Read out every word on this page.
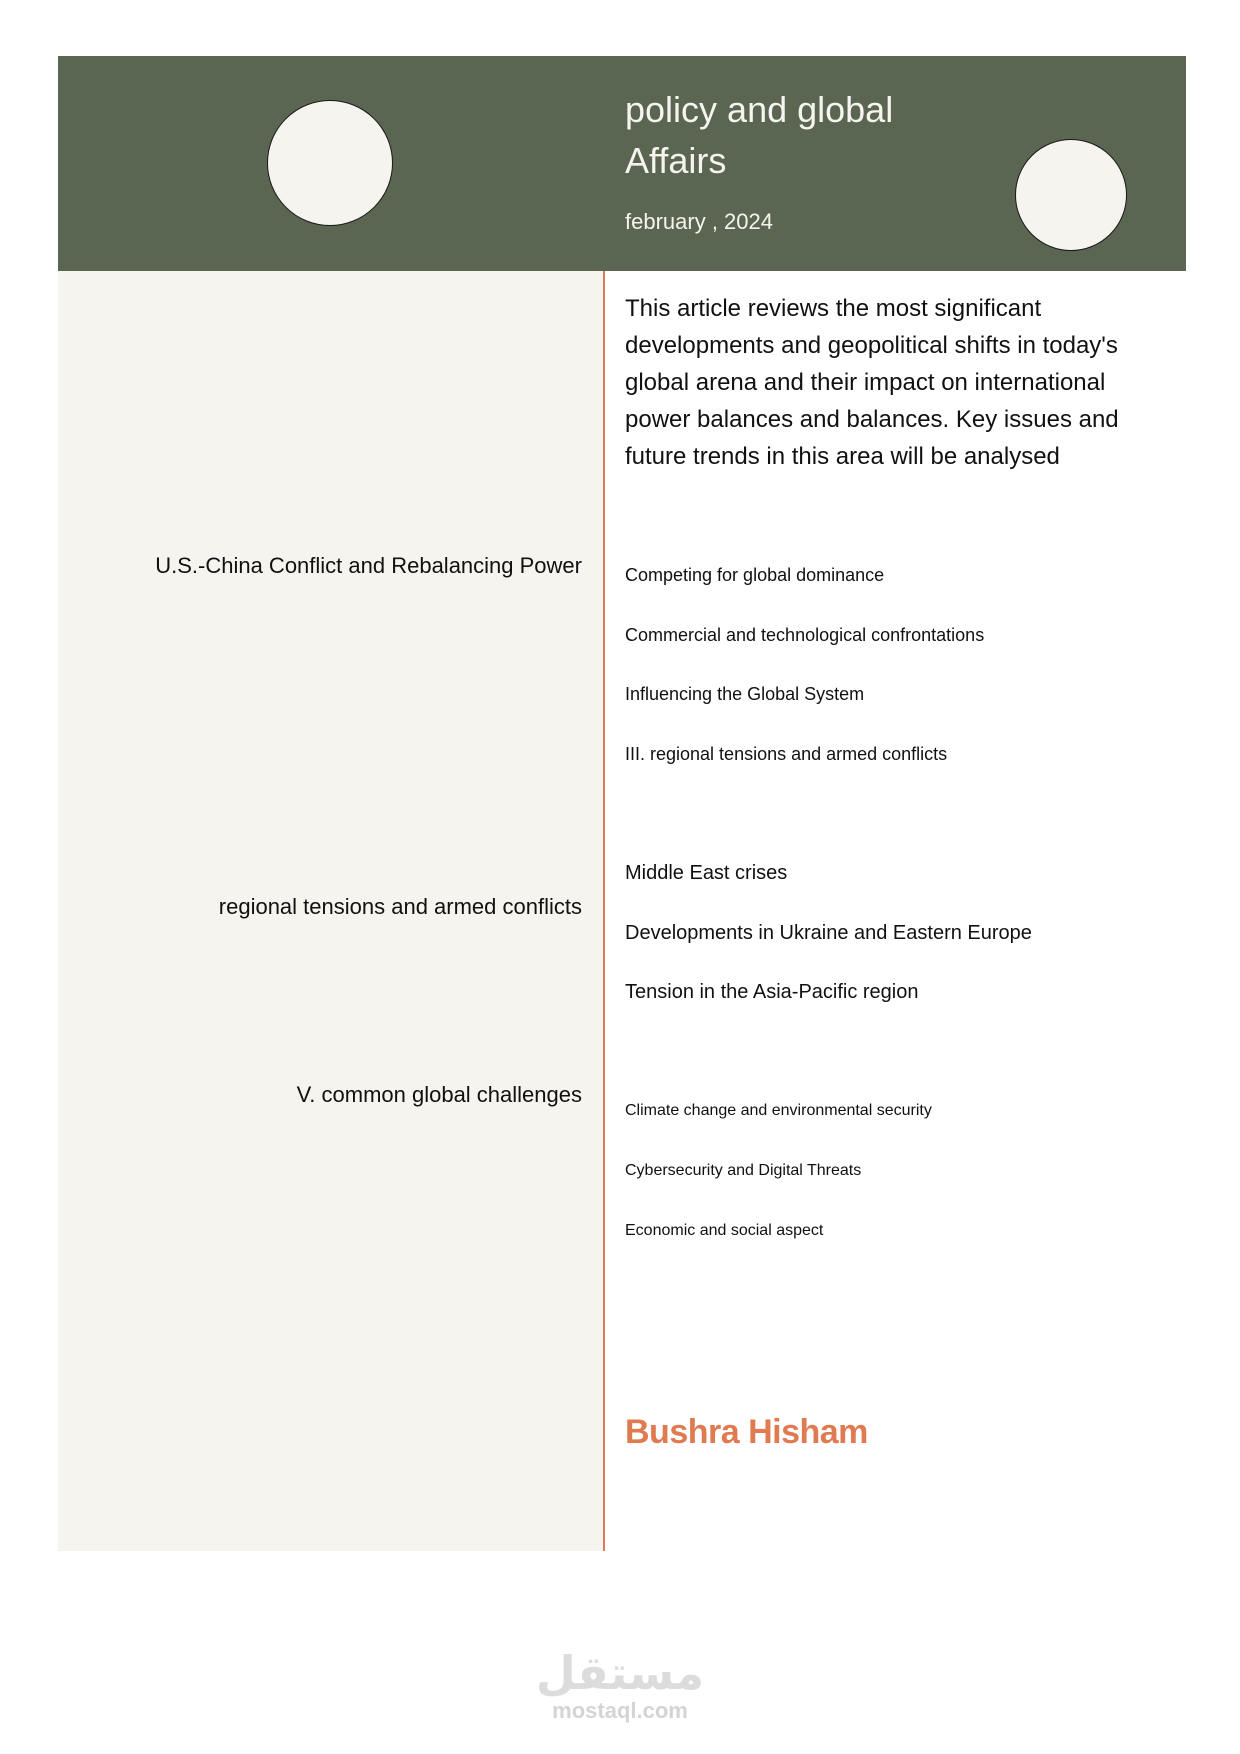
policy and global
Affairs
february , 2024
This article reviews the most significant developments and geopolitical shifts in today's global arena and their impact on international power balances and balances. Key issues and future trends in this area will be analysed
U.S.-China Conflict and Rebalancing Power Competing for global dominance
Commercial and technological confrontations
Influencing the Global System
III. regional tensions and armed conflicts
regional tensions and armed conflicts
Middle East crises
Developments in Ukraine and Eastern Europe
Tension in the Asia-Pacific region
V. common global challenges
Climate change and environmental security
Cybersecurity and Digital Threats
Economic and social aspect
Bushra Hisham
مستقل
mostaql.com
